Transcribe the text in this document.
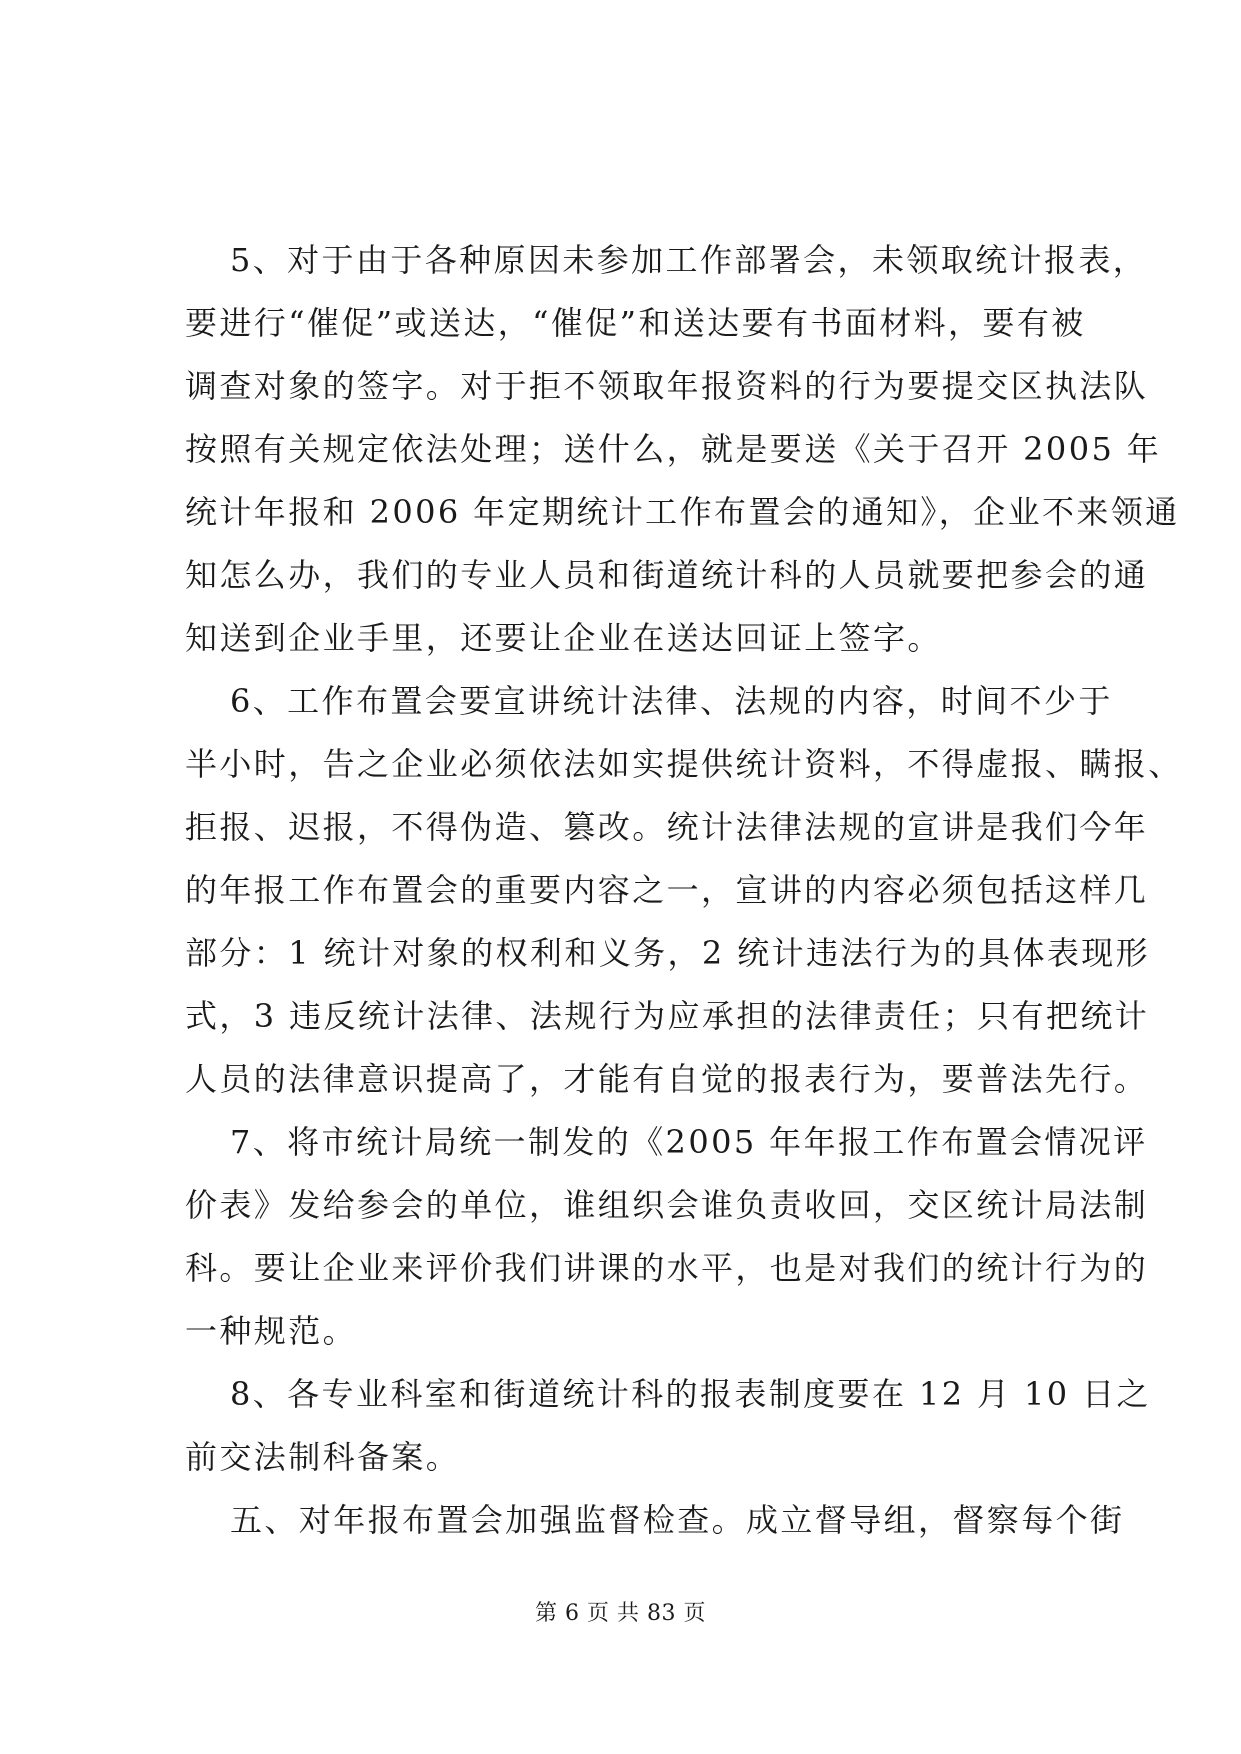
5、对于由于各种原因未参加工作部署会，未领取统计报表，
要进行“催促”或送达，“催促”和送达要有书面材料，要有被
调查对象的签字。对于拒不领取年报资料的行为要提交区执法队
按照有关规定依法处理；送什么，就是要送《关于召开 2005 年
统计年报和 2006 年定期统计工作布置会的通知》，企业不来领通
知怎么办，我们的专业人员和街道统计科的人员就要把参会的通
知送到企业手里，还要让企业在送达回证上签字。
6、工作布置会要宣讲统计法律、法规的内容，时间不少于
半小时，告之企业必须依法如实提供统计资料，不得虚报、瞒报、
拒报、迟报，不得伪造、篡改。统计法律法规的宣讲是我们今年
的年报工作布置会的重要内容之一，宣讲的内容必须包括这样几
部分：1 统计对象的权利和义务，2 统计违法行为的具体表现形
式，3 违反统计法律、法规行为应承担的法律责任；只有把统计
人员的法律意识提高了，才能有自觉的报表行为，要普法先行。
7、将市统计局统一制发的《2005 年年报工作布置会情况评
价表》发给参会的单位，谁组织会谁负责收回，交区统计局法制
科。要让企业来评价我们讲课的水平，也是对我们的统计行为的
一种规范。
8、各专业科室和街道统计科的报表制度要在 12 月 10 日之
前交法制科备案。
五、对年报布置会加强监督检查。成立督导组，督察每个街
第 6 页 共 83 页
